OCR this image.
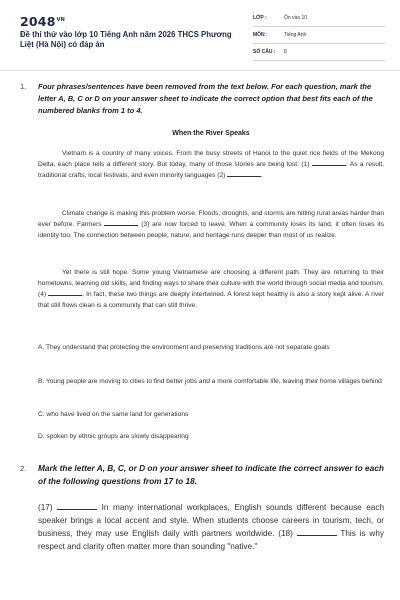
$2048^{VN}$
Đề thi thử vào lớp 10 Tiếng Anh năm 2026 THCS Phương Liệt (Hà Nội) có đáp án
LỚP :	Ôn vào 10
MÔN :	Tiếng Anh
SỐ CÂU : 8
1. Four phrases/sentences have been removed from the text below. For each question, mark the letter A, B, C or D on your answer sheet to indicate the correct option that best fits each of the numbered blanks from 1 to 4.
When the River Speaks
Vietnam is a country of many voices. From the busy streets of Hanoi to the quiet rice fields of the Mekong Delta, each place tells a different story. But today, many of those stories are being lost. (1)	. As a result, traditional crafts, local festivals, and even minority languages (2)	.
Climate change is making this problem worse. Floods, droughts, and storms are hitting rural areas harder than ever before. Farmers	(3) are now forced to leave. When a community loses its land, it often loses its identity too. The connection between people, nature, and heritage runs deeper than most of us realize.
Yet there is still hope. Some young Vietnamese are choosing a different path. They are returning to their hometowns, learning old skills, and finding ways to share their culture with the world through social media and tourism. (4)	. In fact, these two things are deeply intertwined. A forest kept healthy is also a story kept alive. A river that still flows clean is a community that can still thrive.
A. They understand that protecting the environment and preserving traditions are not separate goals
B. Young people are moving to cities to find better jobs and a more comfortable life, leaving their home villages behind
C. who have lived on the same land for generations
D. spoken by ethnic groups are slowly disappearing
2. Mark the letter A, B, C, or D on your answer sheet to indicate the correct answer to each of the following questions from 17 to 18.
(17)	In many international workplaces, English sounds different because each speaker brings a local accent and style. When students choose careers in tourism, tech, or business, they may use English daily with partners worldwide. (18)	This is why respect and clarity often matter more than sounding "native."
